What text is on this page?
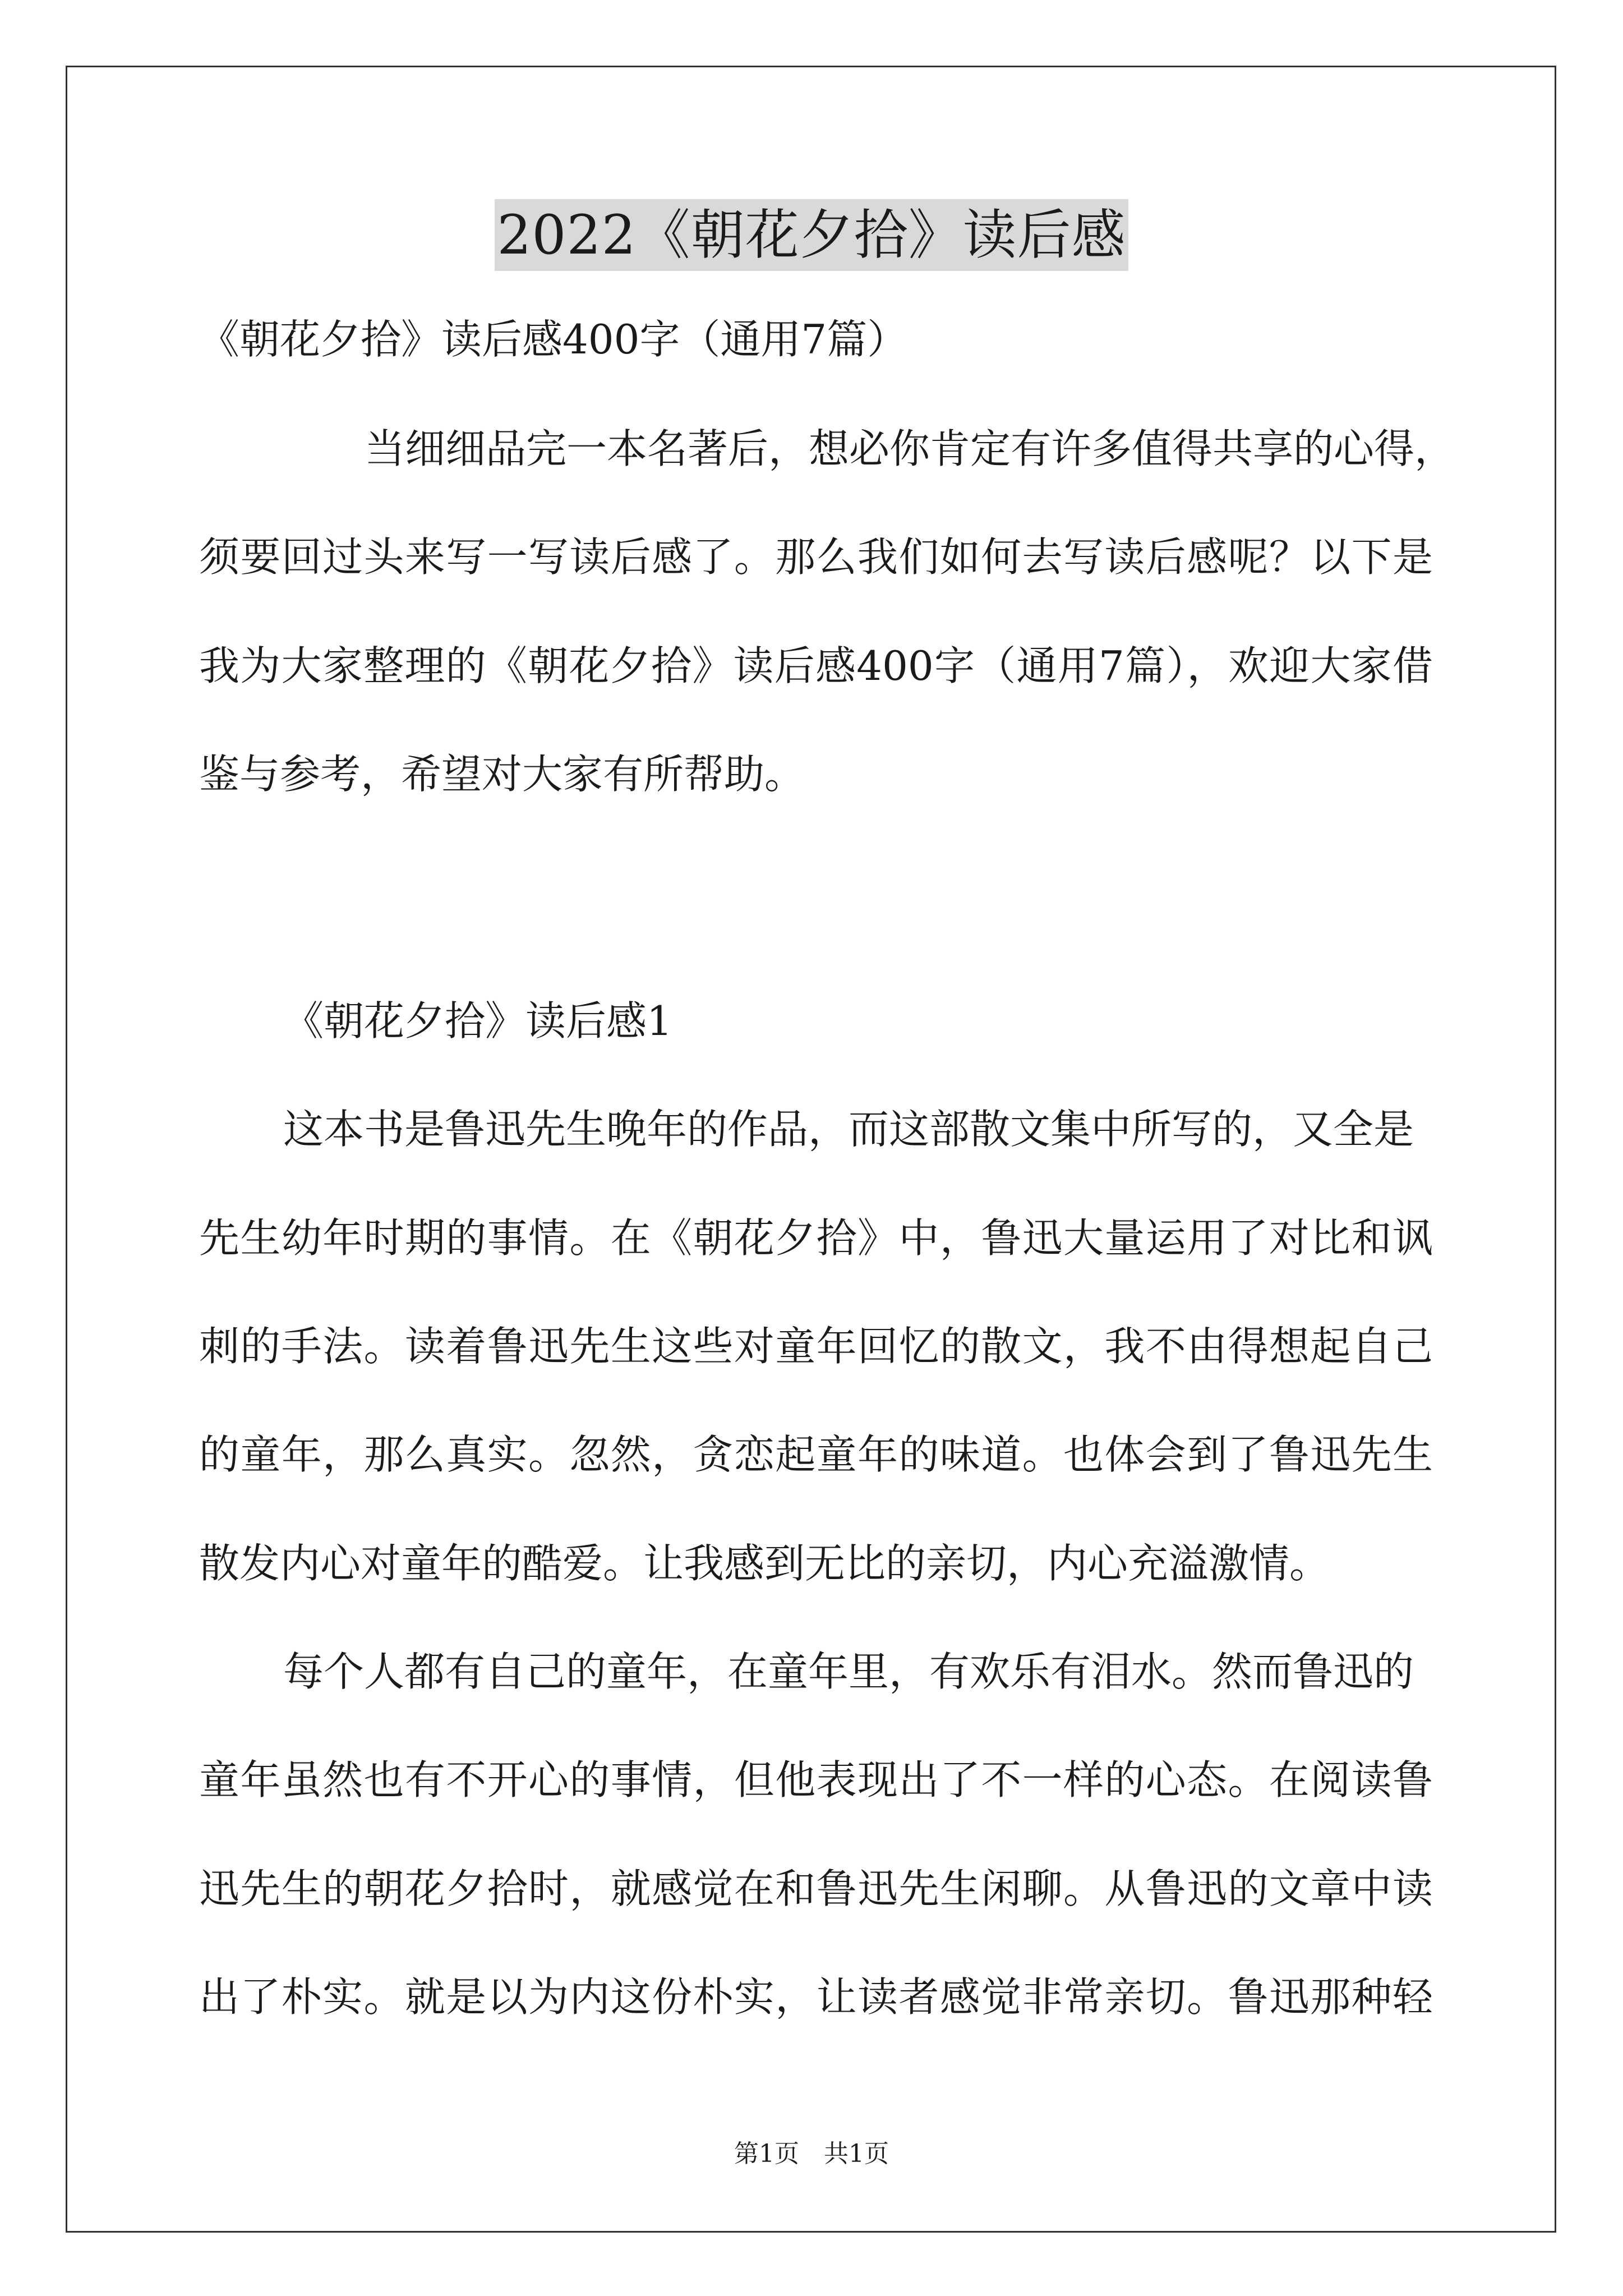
2022《朝花夕拾》读后感
《朝花夕拾》读后感400字（通用7篇）
当细细品完一本名著后，想必你肯定有许多值得共享的心得，
须要回过头来写一写读后感了。那么我们如何去写读后感呢？以下是
我为大家整理的《朝花夕拾》读后感400字（通用7篇），欢迎大家借
鉴与参考，希望对大家有所帮助。
《朝花夕拾》读后感1
这本书是鲁迅先生晚年的作品，而这部散文集中所写的，又全是
先生幼年时期的事情。在《朝花夕拾》中，鲁迅大量运用了对比和讽
刺的手法。读着鲁迅先生这些对童年回忆的散文，我不由得想起自己
的童年，那么真实。忽然，贪恋起童年的味道。也体会到了鲁迅先生
散发内心对童年的酷爱。让我感到无比的亲切，内心充溢激情。
每个人都有自己的童年，在童年里，有欢乐有泪水。然而鲁迅的
童年虽然也有不开心的事情，但他表现出了不一样的心态。在阅读鲁
迅先生的朝花夕拾时，就感觉在和鲁迅先生闲聊。从鲁迅的文章中读
出了朴实。就是以为内这份朴实，让读者感觉非常亲切。鲁迅那种轻
第1页　共1页
